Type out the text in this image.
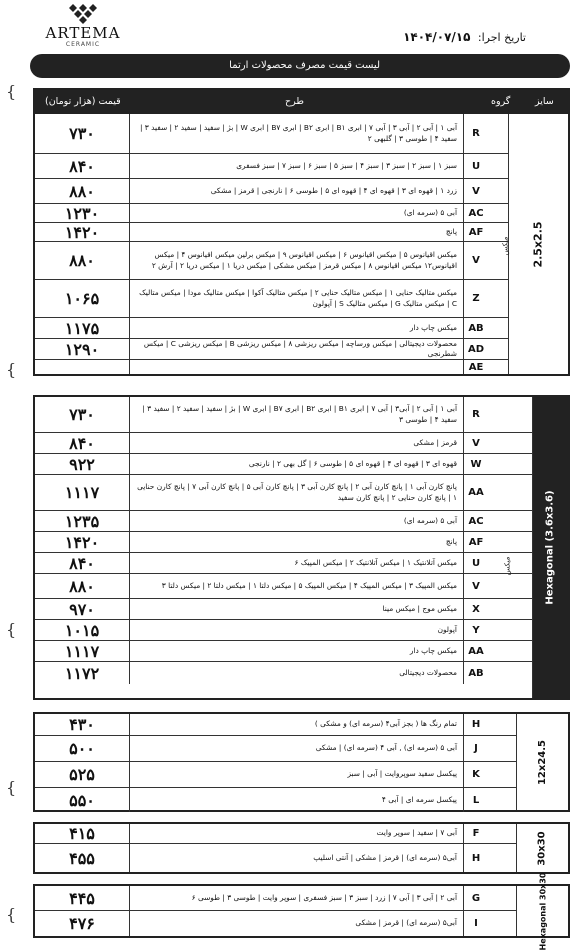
ARTEMA
CERAMIC
تاریخ اجرا: ۱۴۰۴/۰۷/۱۵
لیست قیمت مصرف محصولات ارتما
قیمت (هزار تومان)	طرح	گروه	سایز
۷۳۰	آبی ۱ | آبی ۲ | آبی ۳ | آبی ۷ | ابری B۱ | ابری B۲ | ابری B۷ | ابری W | بژ | سفید | سفید ۲ | سفید ۳ | سفید ۴ | طوسی ۳ | گلبهی ۲	R
۸۴۰	سبز ۱ | سبز ۲ | سبز ۳ | سبز ۴ | سبز ۵ | سبز ۶ | سبز ۷ | سبز فسفری	U
۸۸۰	زرد ۱ | قهوه ای ۳ | قهوه ای ۴ | قهوه ای ۵ | طوسی ۶ | نارنجی | قرمز | مشکی	V
۱۲۳۰	آبی ۵ (سرمه ای)	AC
۱۴۲۰	پانچ	AF
۸۸۰	میکس اقیانوس ۵ | میکس اقیانوس ۶ | میکس اقیانوس ۹ | میکس برلین میکس اقیانوس ۴ | میکس اقیانوس۱۲ میکس اقیانوس ۸ | میکس قرمز | میکس مشکی | میکس دریا ۱ | میکس دریا ۲ | آرش ۲	V
۱۰۶۵	میکس متالیک حنایی ۱ | میکس متالیک حنایی ۲ | میکس متالیک آکوا | میکس متالیک مودا | میکس متالیک C | میکس متالیک G | میکس متالیک S | آپولون	Z
۱۱۷۵	میکس چاپ دار	AB
۱۲۹۰	محصولات دیجیتالی | میکس ورساچه | میکس ریزشی ۸ | میکس ریزشی B | میکس ریزشی C | میکس شطرنجی	AD
AE
2.5x2.5
میکس
۷۳۰	آبی ۱ | آبی ۲ | آبی۳ | آبی ۷ | ابری B۱ | ابری B۲ | ابری B۷ | ابری W | بژ | سفید | سفید ۲ | سفید ۳ | سفید ۴ | طوسی ۳	R
۸۴۰	قرمز | مشکی	V
۹۲۲	قهوه ای ۳ | قهوه ای ۴ | قهوه ای ۵ | طوسی ۶ | گل بهی ۲ | نارنجی	W
۱۱۱۷	پانچ کارن آبی ۱ | پانچ کارن آبی ۲ | پانچ کارن آبی ۳ | پانچ کارن آبی ۵ | پانچ کارن آبی ۷ | پانچ کارن حنایی ۱ | پانچ کارن حنایی ۲ | پانچ کارن سفید	AA
۱۲۳۵	آبی ۵ (سرمه ای)	AC
۱۴۲۰	پانچ	AF
۸۴۰	میکس آتلانتیک ۱ | میکس آتلانتیک ۲ | میکس المپیک ۶	U
۸۸۰	میکس المپیک ۳ | میکس المپیک ۴ | میکس المپیک ۵ | میکس دلتا ۱ | میکس دلتا ۲ | میکس دلتا ۳	V
۹۷۰	میکس موج | میکس مینا	X
۱۰۱۵	آپولون	Y
۱۱۱۷	میکس چاپ دار	AA
۱۱۷۲	محصولات دیجیتالی	AB
Hexagonal (3.6x3.6)
میکس
۴۳۰	تمام رنگ ها ( بجز آبی۴ (سرمه ای) و مشکی )	H
۵۰۰	آبی ۵ (سرمه ای) , آبی ۴ (سرمه ای) | مشکی	J
۵۲۵	پیکسل سفید سوپروایت | آبی | سبز	K
۵۵۰	پیکسل سرمه ای | آبی ۴	L
12x24.5
۴۱۵	آبی ۷ | سفید | سوپر وایت	F
۴۵۵	آبی۵ (سرمه ای) | قرمز | مشکی | آنتی اسلیپ	H	30x30
۴۴۵	آبی ۲ | آبی ۳ | آبی ۷ | زرد | سبز ۳ | سبز فسفری | سوپر وایت | طوسی ۳ | طوسی ۶	G
۴۷۶	آبی۵ (سرمه ای) | قرمز | مشکی	I	Hexagonal 30x30
{
{
{
{
{
